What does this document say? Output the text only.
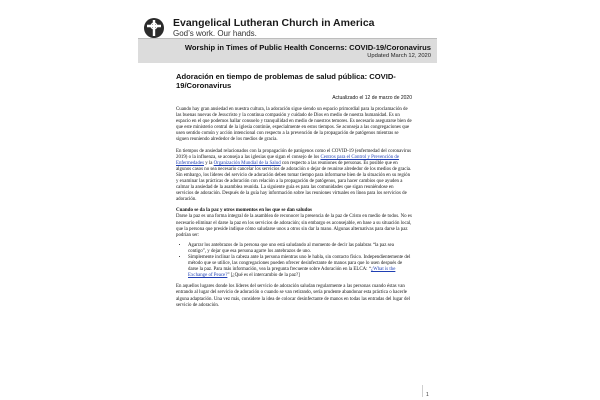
Evangelical Lutheran Church in America
God’s work. Our hands.
Worship in Times of Public Health Concerns: COVID-19/Coronavirus
Updated March 12, 2020
Adoración en tiempo de problemas de salud pública: COVID-19/Coronavirus
Actualizado el 12 de marzo de 2020

Cuando hay gran ansiedad en nuestra cultura, la adoración sigue siendo un espacio primordial para la proclamación de las buenas nuevas de Jesucristo y la continua compasión y cuidado de Dios en medio de nuestra humanidad. Es un espacio en el que podemos hallar consuelo y tranquilidad en medio de nuestros temores. Es necesario asegurarse bien de que este ministerio central de la iglesia continúe, especialmente en estos tiempos. Se aconseja a las congregaciones que usen sentido común y acción intencional con respecto a la prevención de la propagación de patógenos mientras se siguen reuniendo alrededor de los medios de gracia.

En tiempos de ansiedad relacionados con la propagación de patógenos como el COVID-19 (enfermedad del coronavirus 2019) o la influenza, se aconseja a las iglesias que sigan el consejo de los Centros para el Control y Prevención de Enfermedades y la Organización Mundial de la Salud con respecto a las reuniones de personas. Es posible que en algunos casos no sea necesario cancelar los servicios de adoración o dejar de reunirse alrededor de los medios de gracia. Sin embargo, los líderes del servicio de adoración deben tomar tiempo para informarse bien de la situación en su región y examinar las prácticas de adoración con relación a la propagación de patógenos, para hacer cambios que ayuden a calmar la ansiedad de la asamblea reunida. La siguiente guía es para las comunidades que sigan reuniéndose en servicios de adoración. Después de la guía hay información sobre las reuniones virtuales en línea para los servicios de adoración.

Cuando se da la paz y otros momentos en los que se dan saludos

Darse la paz es una forma integral de la asamblea de reconocer la presencia de la paz de Cristo en medio de todos. No es necesario eliminar el darse la paz en los servicios de adoración; sin embargo es aconsejable, en base a su situación local, que la persona que preside indique cómo saludarse unos a otros sin dar la mano. Algunas alternativas para darse la paz podrían ser:

• Agarrar los antebrazos de la persona que uno está saludando al momento de decir las palabras “la paz sea contigo”, y dejar que esa persona agarre los antebrazos de uno.
• Simplemente inclinar la cabeza ante la persona mientras uno le habla, sin contacto físico. Independientemente del método que se utilice, las congregaciones pueden ofrecer desinfectante de manos para que lo usen después de darse la paz. Para más información, vea la pregunta frecuente sobre Adoración en la ELCA: “¿What is the Exchange of Peace?” [¿Qué es el intercambio de la paz?]

En aquellos lugares donde los líderes del servicio de adoración saludan regularmente a las personas cuando éstas van entrando al lugar del servicio de adoración o cuando se van retirando, sería prudente abandonar esta práctica o hacerle alguna adaptación. Una vez más, considere la idea de colocar desinfectante de manos en todas las entradas del lugar del servicio de adoración.

1
